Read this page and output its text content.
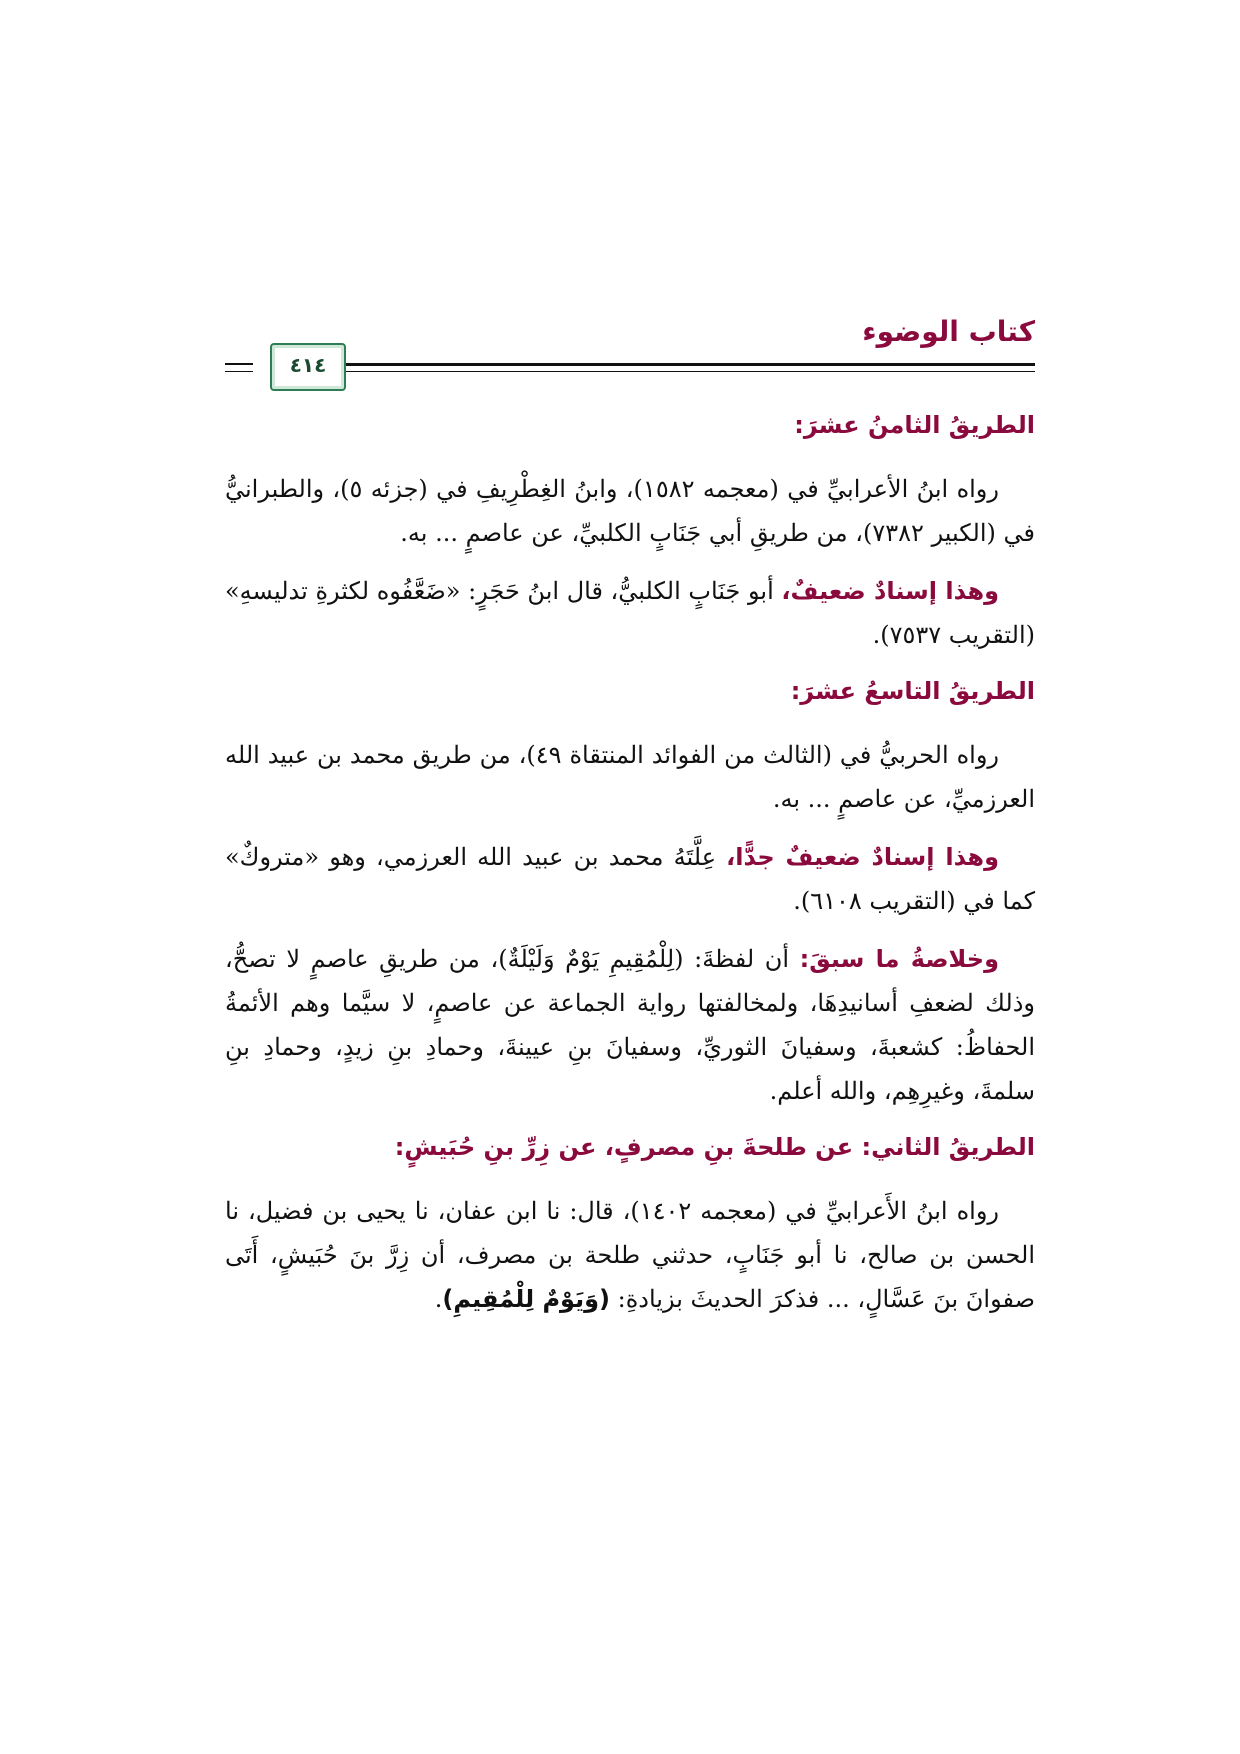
كتاب الوضوء
٤١٤
الطريقُ الثامنُ عشرَ:

رواه ابنُ الأعرابيِّ في (معجمه ١٥٨٢)، وابنُ الغِطْرِيفِ في (جزئه ٥)، والطبرانيُّ في (الكبير ٧٣٨٢)، من طريقِ أبي جَنَابٍ الكلبيِّ، عن عاصمٍ ... به.

وهذا إسنادٌ ضعيفٌ، أبو جَنَابٍ الكلبيُّ، قال ابنُ حَجَرٍ: «ضَعَّفُوه لكثرةِ تدليسهِ» (التقريب ٧٥٣٧).

الطريقُ التاسعُ عشرَ:

رواه الحربيُّ في (الثالث من الفوائد المنتقاة ٤٩)، من طريق محمد بن عبيد الله العرزميِّ، عن عاصمٍ ... به.

وهذا إسنادٌ ضعيفٌ جدًّا، عِلَّتَهُ محمد بن عبيد الله العرزمي، وهو «متروكٌ» كما في (التقريب ٦١٠٨).

وخلاصةُ ما سبقَ: أن لفظةَ: (لِلْمُقِيمِ يَوْمٌ وَلَيْلَةٌ)، من طريقِ عاصمٍ لا تصحُّ، وذلك لضعفِ أسانيدِهَا، ولمخالفتها رواية الجماعة عن عاصمٍ، لا سيَّما وهم الأئمةُ الحفاظُ: كشعبةَ، وسفيانَ الثوريِّ، وسفيانَ بنِ عيينةَ، وحمادِ بنِ زيدٍ، وحمادِ بنِ سلمةَ، وغيرِهِم، والله أعلم.

الطريقُ الثاني: عن طلحةَ بنِ مصرفٍ، عن زِرِّ بنِ حُبَيشٍ:

رواه ابنُ الأَعرابيِّ في (معجمه ١٤٠٢)، قال: نا ابن عفان، نا يحيى بن فضيل، نا الحسن بن صالح، نا أبو جَنَابٍ، حدثني طلحة بن مصرف، أن زِرَّ بنَ حُبَيشٍ، أَتَى صفوانَ بنَ عَسَّالٍ، ... فذكرَ الحديثَ بزيادةِ: (وَيَوْمٌ لِلْمُقِيمِ).
